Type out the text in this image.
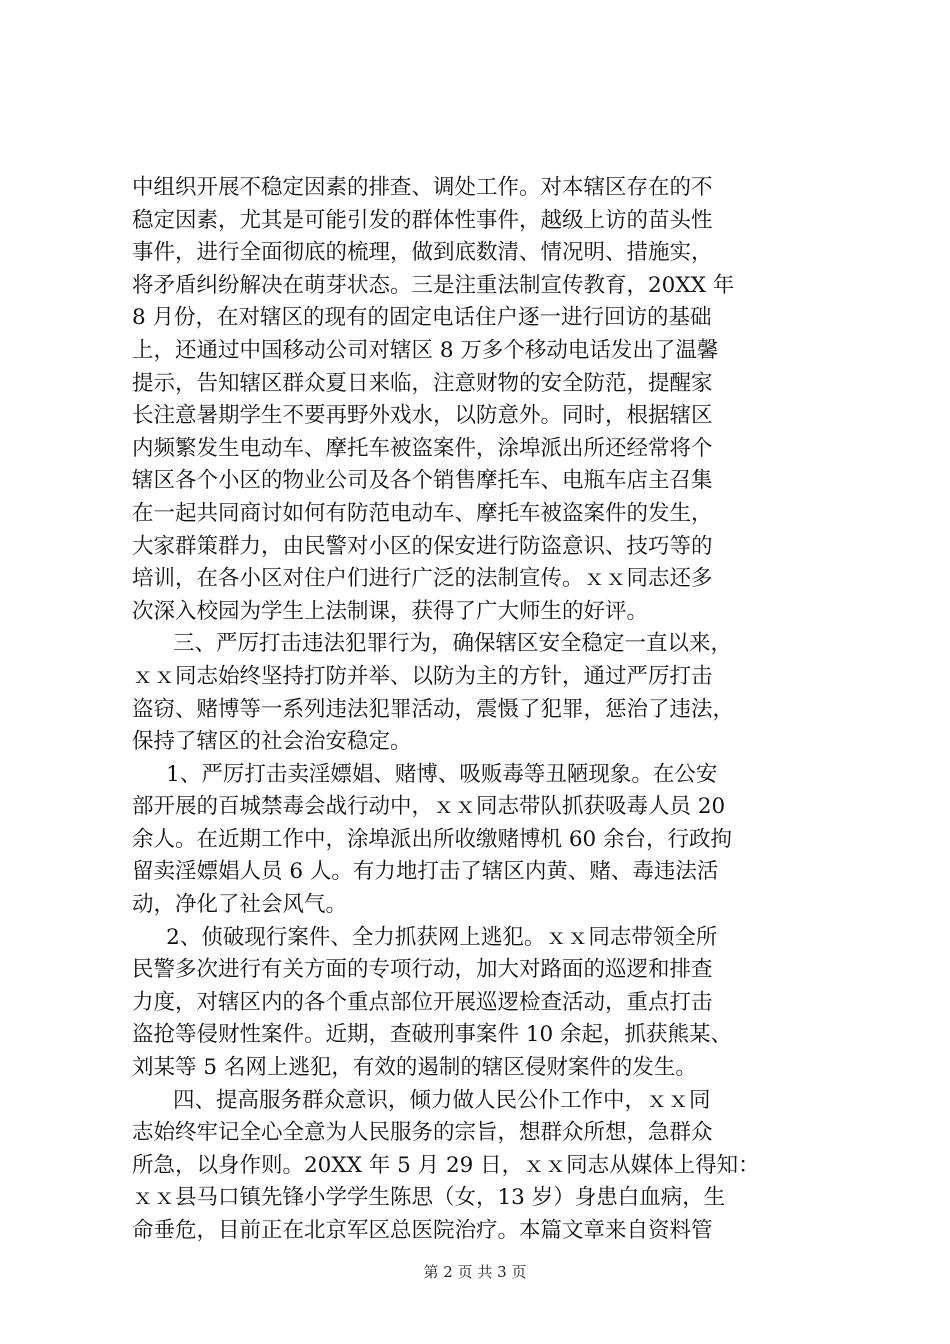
中组织开展不稳定因素的排查、调处工作。对本辖区存在的不
稳定因素，尤其是可能引发的群体性事件，越级上访的苗头性
事件，进行全面彻底的梳理，做到底数清、情况明、措施实，
将矛盾纠纷解决在萌芽状态。三是注重法制宣传教育，20XX 年
8 月份，在对辖区的现有的固定电话住户逐一进行回访的基础
上，还通过中国移动公司对辖区 8 万多个移动电话发出了温馨
提示，告知辖区群众夏日来临，注意财物的安全防范，提醒家
长注意暑期学生不要再野外戏水，以防意外。同时，根据辖区
内频繁发生电动车、摩托车被盗案件，涂埠派出所还经常将个
辖区各个小区的物业公司及各个销售摩托车、电瓶车店主召集
在一起共同商讨如何有防范电动车、摩托车被盗案件的发生，
大家群策群力，由民警对小区的保安进行防盗意识、技巧等的
培训，在各小区对住户们进行广泛的法制宣传。ｘｘ同志还多
次深入校园为学生上法制课，获得了广大师生的好评。
三、严厉打击违法犯罪行为，确保辖区安全稳定一直以来，
ｘｘ同志始终坚持打防并举、以防为主的方针，通过严厉打击
盗窃、赌博等一系列违法犯罪活动，震慑了犯罪，惩治了违法，
保持了辖区的社会治安稳定。
1、严厉打击卖淫嫖娼、赌博、吸贩毒等丑陋现象。在公安
部开展的百城禁毒会战行动中，ｘｘ同志带队抓获吸毒人员 20
余人。在近期工作中，涂埠派出所收缴赌博机 60 余台，行政拘
留卖淫嫖娼人员 6 人。有力地打击了辖区内黄、赌、毒违法活
动，净化了社会风气。
2、侦破现行案件、全力抓获网上逃犯。ｘｘ同志带领全所
民警多次进行有关方面的专项行动，加大对路面的巡逻和排查
力度，对辖区内的各个重点部位开展巡逻检查活动，重点打击
盗抢等侵财性案件。近期，查破刑事案件 10 余起，抓获熊某、
刘某等 5 名网上逃犯，有效的遏制的辖区侵财案件的发生。
四、提高服务群众意识，倾力做人民公仆工作中，ｘｘ同
志始终牢记全心全意为人民服务的宗旨，想群众所想，急群众
所急，以身作则。20XX 年 5 月 29 日，ｘｘ同志从媒体上得知：
ｘｘ县马口镇先锋小学学生陈思（女，13 岁）身患白血病，生
命垂危，目前正在北京军区总医院治疗。本篇文章来自资料管
第 2 页 共 3 页
